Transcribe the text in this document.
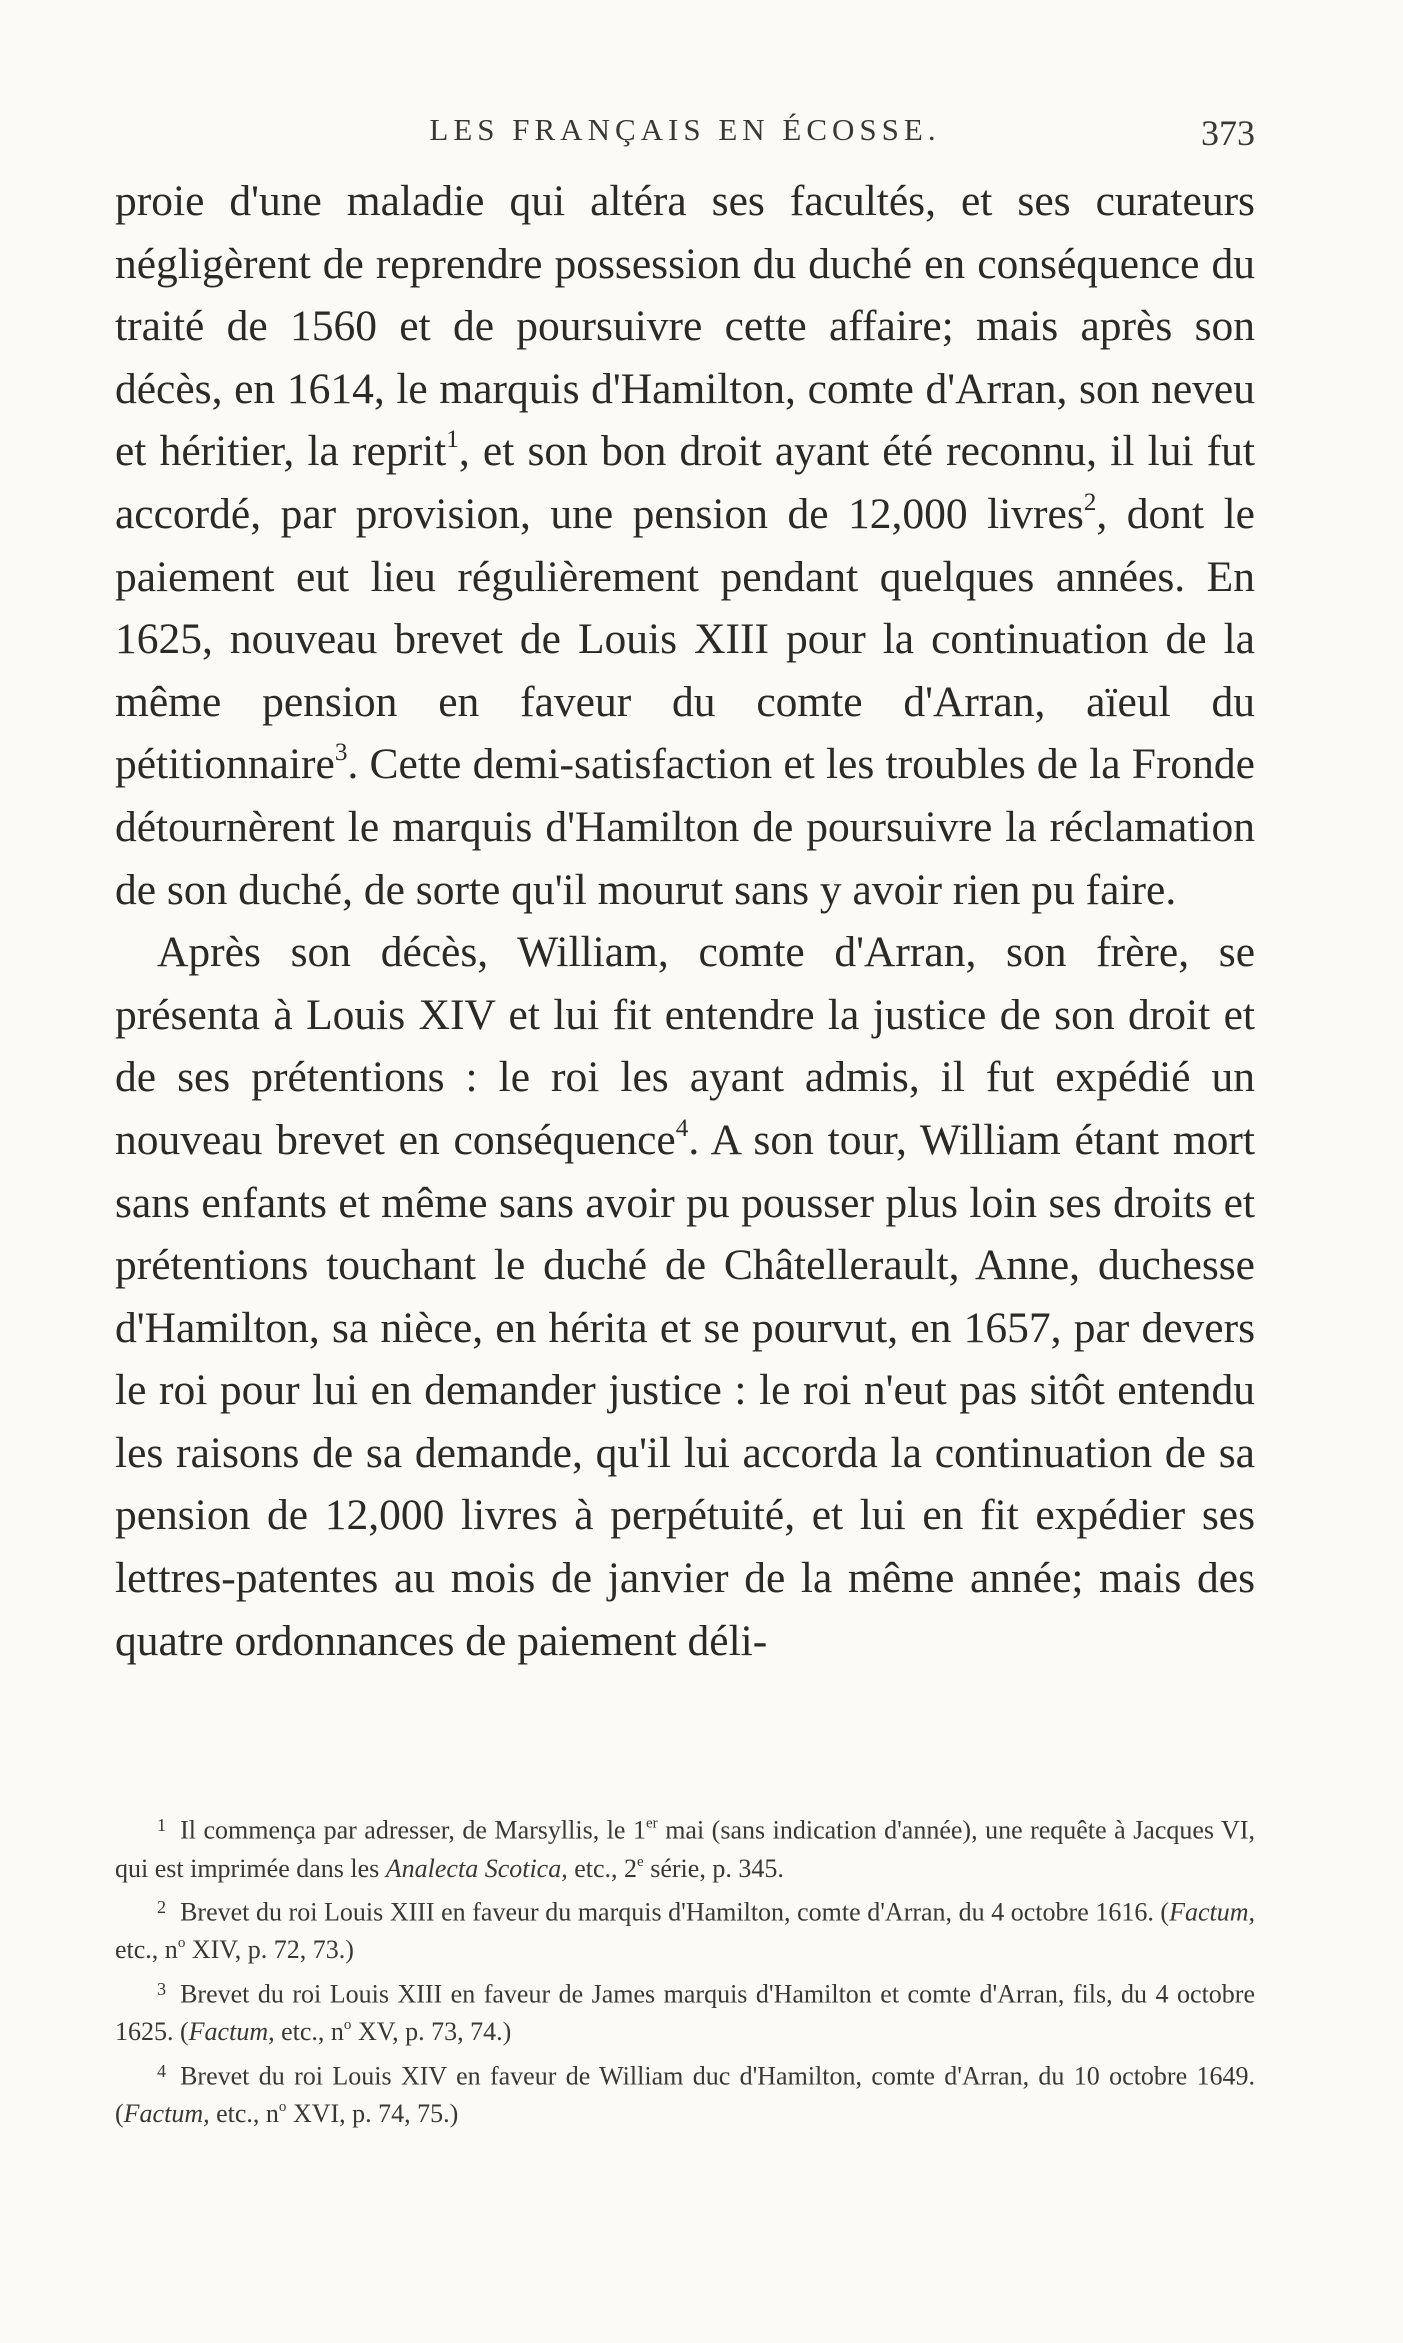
LES FRANÇAIS EN ÉCOSSE.	373

proie d'une maladie qui altéra ses facultés, et ses curateurs négligèrent de reprendre possession du duché en conséquence du traité de 1560 et de poursuivre cette affaire; mais après son décès, en 1614, le marquis d'Hamilton, comte d'Arran, son neveu et héritier, la reprit$^1$, et son bon droit ayant été reconnu, il lui fut accordé, par provision, une pension de 12,000 livres$^2$, dont le paiement eut lieu régulièrement pendant quelques années. En 1625, nouveau brevet de Louis XIII pour la continuation de la même pension en faveur du comte d'Arran, aïeul du pétitionnaire$^3$. Cette demi-satisfaction et les troubles de la Fronde détournèrent le marquis d'Hamilton de poursuivre la réclamation de son duché, de sorte qu'il mourut sans y avoir rien pu faire.

Après son décès, William, comte d'Arran, son frère, se présenta à Louis XIV et lui fit entendre la justice de son droit et de ses prétentions : le roi les ayant admis, il fut expédié un nouveau brevet en conséquence$^4$. A son tour, William étant mort sans enfants et même sans avoir pu pousser plus loin ses droits et prétentions touchant le duché de Châtellerault, Anne, duchesse d'Hamilton, sa nièce, en hérita et se pourvut, en 1657, par devers le roi pour lui en demander justice : le roi n'eut pas sitôt entendu les raisons de sa demande, qu'il lui accorda la continuation de sa pension de 12,000 livres à perpétuité, et lui en fit expédier ses lettres-patentes au mois de janvier de la même année; mais des quatre ordonnances de paiement déli-

$^1$ Il commença par adresser, de Marsyllis, le 1er mai (sans indication d'année), une requête à Jacques VI, qui est imprimée dans les Analecta Scotica, etc., 2e série, p. 345.

$^2$ Brevet du roi Louis XIII en faveur du marquis d'Hamilton, comte d'Arran, du 4 octobre 1616. (Factum, etc., $n^o$ XIV, p. 72, 73.)

$^3$ Brevet du roi Louis XIII en faveur de James marquis d'Hamilton et comte d'Arran, fils, du 4 octobre 1625. (Factum, etc., $n^o$ XV, p. 73, 74.)

$^4$ Brevet du roi Louis XIV en faveur de William duc d'Hamilton, comte d'Arran, du 10 octobre 1649. (Factum, etc., $n^o$ XVI, p. 74, 75.)
